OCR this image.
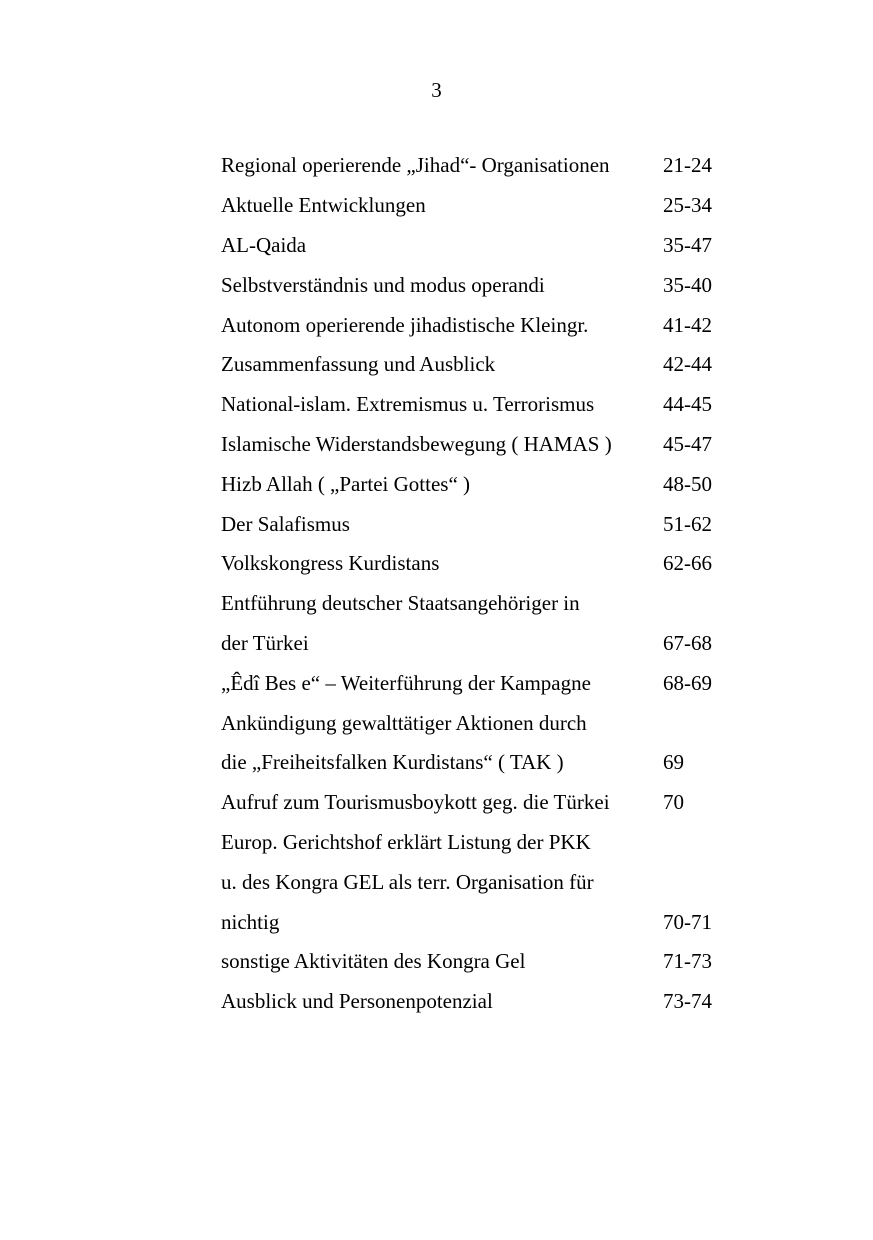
3
Regional operierende „Jihad“- Organisationen	21-24
Aktuelle Entwicklungen	25-34
AL-Qaida	35-47
Selbstverständnis und modus operandi	35-40
Autonom operierende jihadistische Kleingr.	41-42
Zusammenfassung und Ausblick	42-44
National-islam. Extremismus u. Terrorismus	44-45
Islamische Widerstandsbewegung ( HAMAS )	45-47
Hizb Allah ( „Partei Gottes“ )	48-50
Der Salafismus	51-62
Volkskongress Kurdistans	62-66
Entführung deutscher Staatsangehöriger in
der Türkei	67-68
„Êdî Bes e“ – Weiterführung der Kampagne	68-69
Ankündigung gewalttätiger Aktionen durch
die „Freiheitsfalken Kurdistans“ ( TAK )	69
Aufruf zum Tourismusboykott geg. die Türkei	70
Europ. Gerichtshof erklärt Listung der PKK
u. des Kongra GEL als terr. Organisation für
nichtig	70-71
sonstige Aktivitäten des Kongra Gel	71-73
Ausblick und Personenpotenzial	73-74
